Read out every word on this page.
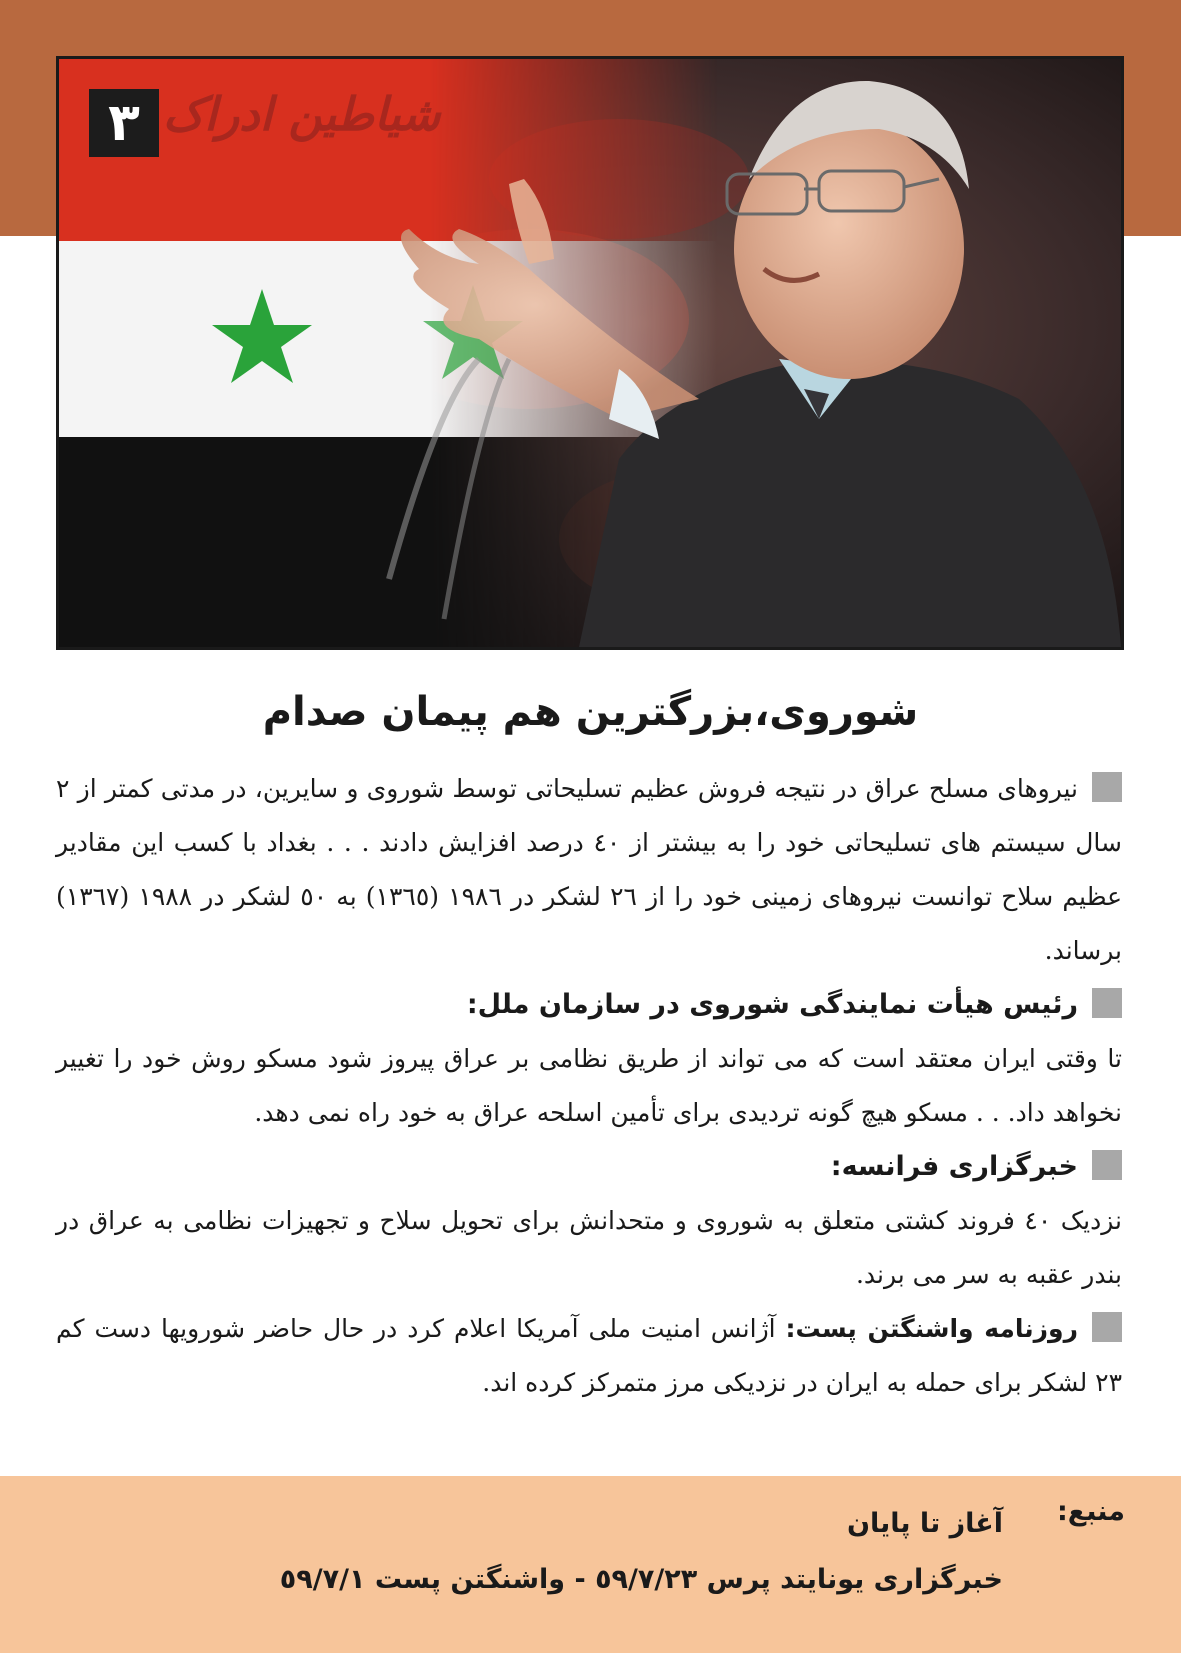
٣ شیاطین ادراک
شوروی،بزرگترین هم پیمان صدام

نیروهای مسلح عراق در نتیجه فروش عظیم تسلیحاتی توسط شوروی و سایرین، در مدتی کمتر از ٢ سال سیستم های تسلیحاتی خود را به بیشتر از ٤٠ درصد افزایش دادند . . . بغداد با کسب این مقادیر عظیم سلاح توانست نیروهای زمینی خود را از ٢٦ لشکر در ١٩٨٦ (١٣٦٥) به ٥٠ لشکر در ١٩٨٨ (١٣٦٧) برساند.

رئیس هیأت نمایندگی شوروی در سازمان ملل:

تا وقتی ایران معتقد است که می تواند از طریق نظامی بر عراق پیروز شود مسکو روش خود را تغییر نخواهد داد. . . مسکو هیچ گونه تردیدی برای تأمین اسلحه عراق به خود راه نمی دهد.

خبرگزاری فرانسه:

نزدیک ٤٠ فروند کشتی متعلق به شوروی و متحدانش برای تحویل سلاح و تجهیزات نظامی به عراق در بندر عقبه به سر می برند.

روزنامه واشنگتن پست: آژانس امنیت ملی آمریکا اعلام کرد در حال حاضر شورویها دست کم ٢٣ لشکر برای حمله به ایران در نزدیکی مرز متمرکز کرده اند.

منبع:
آغاز تا پایان
خبرگزاری یونایتد پرس ٥٩/٧/٢٣ - واشنگتن پست ٥٩/٧/١
